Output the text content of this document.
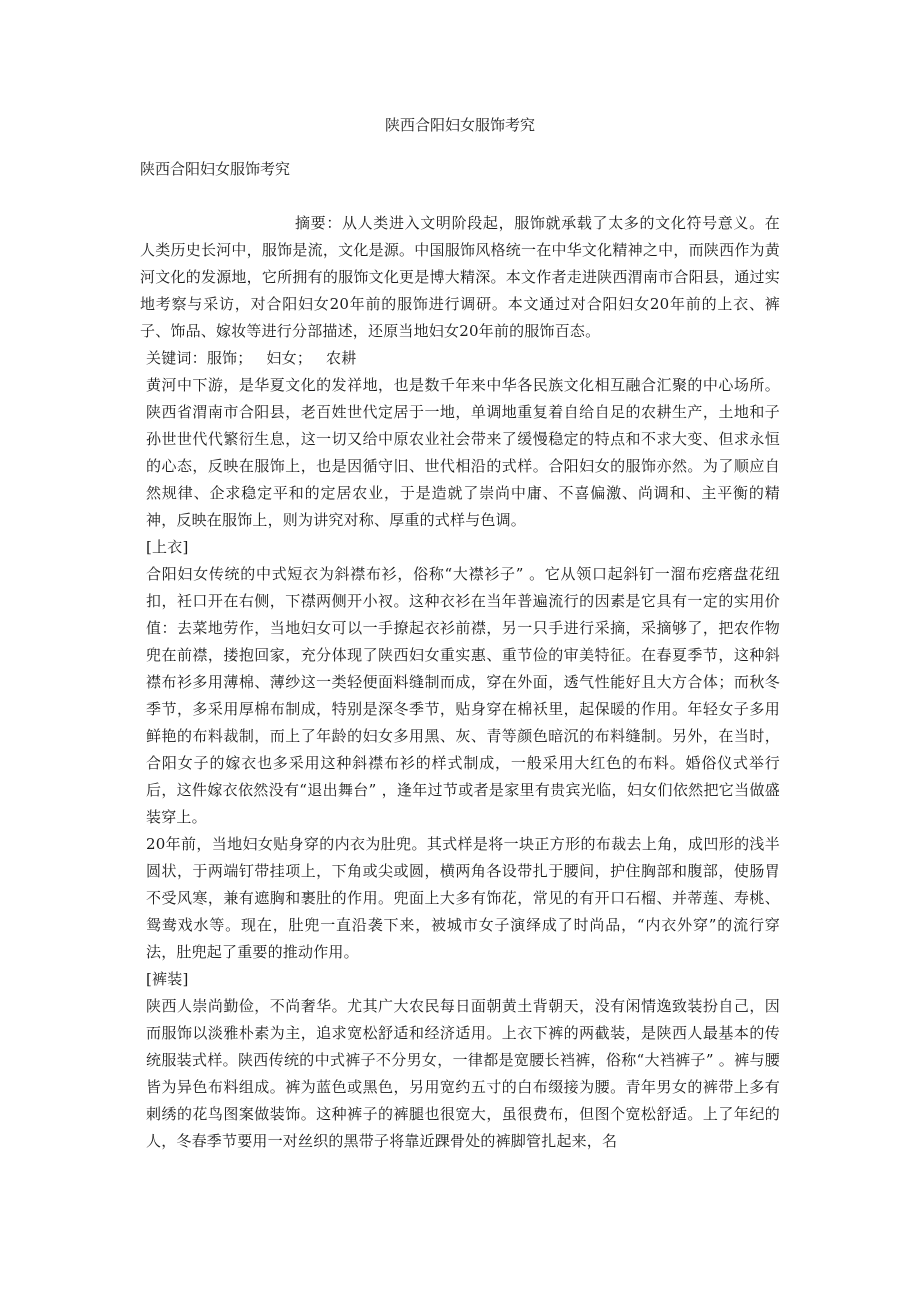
陕西合阳妇女服饰考究
陕西合阳妇女服饰考究

摘要：从人类进入文明阶段起，服饰就承载了太多的文化符号意义。在人类历史长河中，服饰是流，文化是源。中国服饰风格统一在中华文化精神之中，而陕西作为黄河文化的发源地，它所拥有的服饰文化更是博大精深。本文作者走进陕西渭南市合阳县，通过实地考察与采访，对合阳妇女20年前的服饰进行调研。本文通过对合阳妇女20年前的上衣、裤子、饰品、嫁妆等进行分部描述，还原当地妇女20年前的服饰百态。

关键词：服饰； 妇女； 农耕

黄河中下游，是华夏文化的发祥地，也是数千年来中华各民族文化相互融合汇聚的中心场所。陕西省渭南市合阳县，老百姓世代定居于一地，单调地重复着自给自足的农耕生产，土地和子孙世世代代繁衍生息，这一切又给中原农业社会带来了缓慢稳定的特点和不求大变、但求永恒的心态，反映在服饰上，也是因循守旧、世代相沿的式样。合阳妇女的服饰亦然。为了顺应自然规律、企求稳定平和的定居农业，于是造就了崇尚中庸、不喜偏激、尚调和、主平衡的精神，反映在服饰上，则为讲究对称、厚重的式样与色调。

[上衣]

合阳妇女传统的中式短衣为斜襟布衫，俗称“大襟衫子” 。它从领口起斜钉一溜布疙瘩盘花纽扣，衽口开在右侧，下襟两侧开小衩。这种衣衫在当年普遍流行的因素是它具有一定的实用价值：去菜地劳作，当地妇女可以一手撩起衣衫前襟，另一只手进行采摘，采摘够了，把农作物兜在前襟，搂抱回家，充分体现了陕西妇女重实惠、重节俭的审美特征。在春夏季节，这种斜襟布衫多用薄棉、薄纱这一类轻便面料缝制而成，穿在外面，透气性能好且大方合体；而秋冬季节，多采用厚棉布制成，特别是深冬季节，贴身穿在棉袄里，起保暖的作用。年轻女子多用鲜艳的布料裁制，而上了年龄的妇女多用黑、灰、青等颜色暗沉的布料缝制。另外，在当时，合阳女子的嫁衣也多采用这种斜襟布衫的样式制成，一般采用大红色的布料。婚俗仪式举行后，这件嫁衣依然没有“退出舞台” ，逢年过节或者是家里有贵宾光临，妇女们依然把它当做盛装穿上。

20年前，当地妇女贴身穿的内衣为肚兜。其式样是将一块正方形的布裁去上角，成凹形的浅半圆状，于两端钉带挂项上，下角或尖或圆，横两角各设带扎于腰间，护住胸部和腹部，使肠胃不受风寒，兼有遮胸和裹肚的作用。兜面上大多有饰花，常见的有开口石榴、并蒂莲、寿桃、鸳鸯戏水等。现在，肚兜一直沿袭下来，被城市女子演绎成了时尚品，“内衣外穿”的流行穿法，肚兜起了重要的推动作用。

[裤装]

陕西人崇尚勤俭，不尚奢华。尤其广大农民每日面朝黄土背朝天，没有闲情逸致装扮自己，因而服饰以淡雅朴素为主，追求宽松舒适和经济适用。上衣下裤的两截装，是陕西人最基本的传统服装式样。陕西传统的中式裤子不分男女，一律都是宽腰长裆裤，俗称“大裆裤子” 。裤与腰皆为异色布料组成。裤为蓝色或黑色，另用宽约五寸的白布缀接为腰。青年男女的裤带上多有刺绣的花鸟图案做装饰。这种裤子的裤腿也很宽大，虽很费布，但图个宽松舒适。上了年纪的人，冬春季节要用一对丝织的黑带子将靠近踝骨处的裤脚管扎起来，名
